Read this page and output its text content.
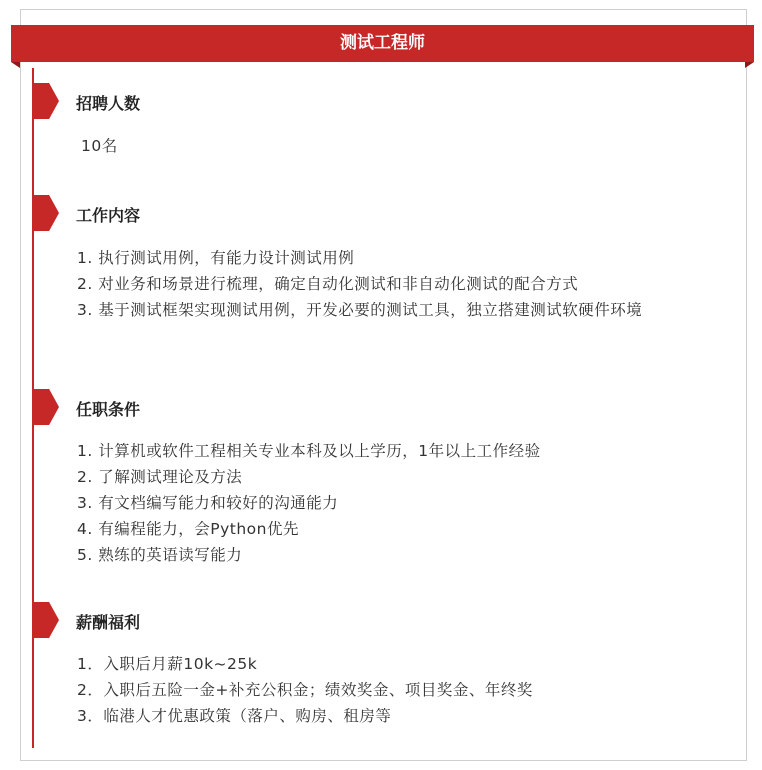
测试工程师
招聘人数

10名

工作内容

1. 执行测试用例，有能力设计测试用例

2. 对业务和场景进行梳理，确定自动化测试和非自动化测试的配合方式

3. 基于测试框架实现测试用例，开发必要的测试工具，独立搭建测试软硬件环境

任职条件

1. 计算机或软件工程相关专业本科及以上学历，1年以上工作经验

2. 了解测试理论及方法

3. 有文档编写能力和较好的沟通能力

4. 有编程能力，会Python优先

5. 熟练的英语读写能力

薪酬福利

1．入职后月薪10k~25k

2．入职后五险一金+补充公积金；绩效奖金、项目奖金、年终奖

3．临港人才优惠政策（落户、购房、租房等
